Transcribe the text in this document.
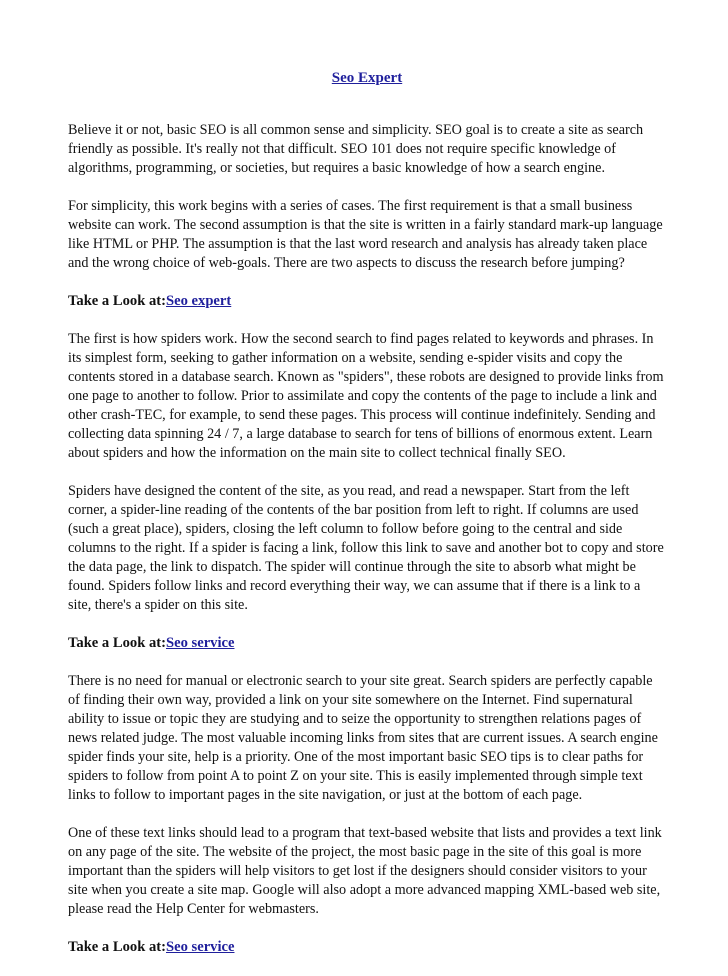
Seo Expert

Believe it or not, basic SEO is all common sense and simplicity. SEO goal is to create a site as search friendly as possible. It's really not that difficult. SEO 101 does not require specific knowledge of algorithms, programming, or societies, but requires a basic knowledge of how a search engine.

For simplicity, this work begins with a series of cases. The first requirement is that a small business website can work. The second assumption is that the site is written in a fairly standard mark-up language like HTML or PHP. The assumption is that the last word research and analysis has already taken place and the wrong choice of web-goals. There are two aspects to discuss the research before jumping?

Take a Look at:Seo expert

The first is how spiders work. How the second search to find pages related to keywords and phrases. In its simplest form, seeking to gather information on a website, sending e-spider visits and copy the contents stored in a database search. Known as "spiders", these robots are designed to provide links from one page to another to follow. Prior to assimilate and copy the contents of the page to include a link and other crash-TEC, for example, to send these pages. This process will continue indefinitely. Sending and collecting data spinning 24 / 7, a large database to search for tens of billions of enormous extent. Learn about spiders and how the information on the main site to collect technical finally SEO.

Spiders have designed the content of the site, as you read, and read a newspaper. Start from the left corner, a spider-line reading of the contents of the bar position from left to right. If columns are used (such a great place), spiders, closing the left column to follow before going to the central and side columns to the right. If a spider is facing a link, follow this link to save and another bot to copy and store the data page, the link to dispatch. The spider will continue through the site to absorb what might be found. Spiders follow links and record everything their way, we can assume that if there is a link to a site, there's a spider on this site.

Take a Look at:Seo service

There is no need for manual or electronic search to your site great. Search spiders are perfectly capable of finding their own way, provided a link on your site somewhere on the Internet. Find supernatural ability to issue or topic they are studying and to seize the opportunity to strengthen relations pages of news related judge. The most valuable incoming links from sites that are current issues. A search engine spider finds your site, help is a priority. One of the most important basic SEO tips is to clear paths for spiders to follow from point A to point Z on your site. This is easily implemented through simple text links to follow to important pages in the site navigation, or just at the bottom of each page.

One of these text links should lead to a program that text-based website that lists and provides a text link on any page of the site. The website of the project, the most basic page in the site of this goal is more important than the spiders will help visitors to get lost if the designers should consider visitors to your site when you create a site map. Google will also adopt a more advanced mapping XML-based web site, please read the Help Center for webmasters.

Take a Look at:Seo service
